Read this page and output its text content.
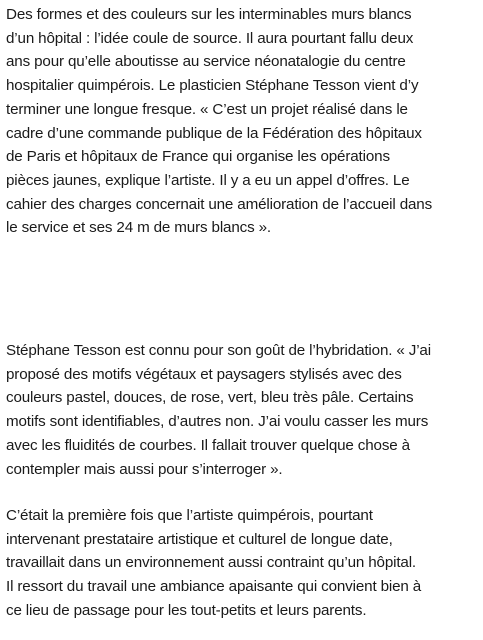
Des formes et des couleurs sur les interminables murs blancs
d’un hôpital : l’idée coule de source. Il aura pourtant fallu deux
ans pour qu’elle aboutisse au service néonatalogie du centre
hospitalier quimpérois. Le plasticien Stéphane Tesson vient d’y
terminer une longue fresque. « C’est un projet réalisé dans le
cadre d’une commande publique de la Fédération des hôpitaux
de Paris et hôpitaux de France qui organise les opérations
pièces jaunes, explique l’artiste. Il y a eu un appel d’offres. Le
cahier des charges concernait une amélioration de l’accueil dans
le service et ses 24 m de murs blancs ».

Stéphane Tesson est connu pour son goût de l’hybridation. « J’ai
proposé des motifs végétaux et paysagers stylisés avec des
couleurs pastel, douces, de rose, vert, bleu très pâle. Certains
motifs sont identifiables, d’autres non. J’ai voulu casser les murs
avec les fluidités de courbes. Il fallait trouver quelque chose à
contempler mais aussi pour s’interroger ».

C’était la première fois que l’artiste quimpérois, pourtant
intervenant prestataire artistique et culturel de longue date,
travaillait dans un environnement aussi contraint qu’un hôpital.
Il ressort du travail une ambiance apaisante qui convient bien à
ce lieu de passage pour les tout-petits et leurs parents.
